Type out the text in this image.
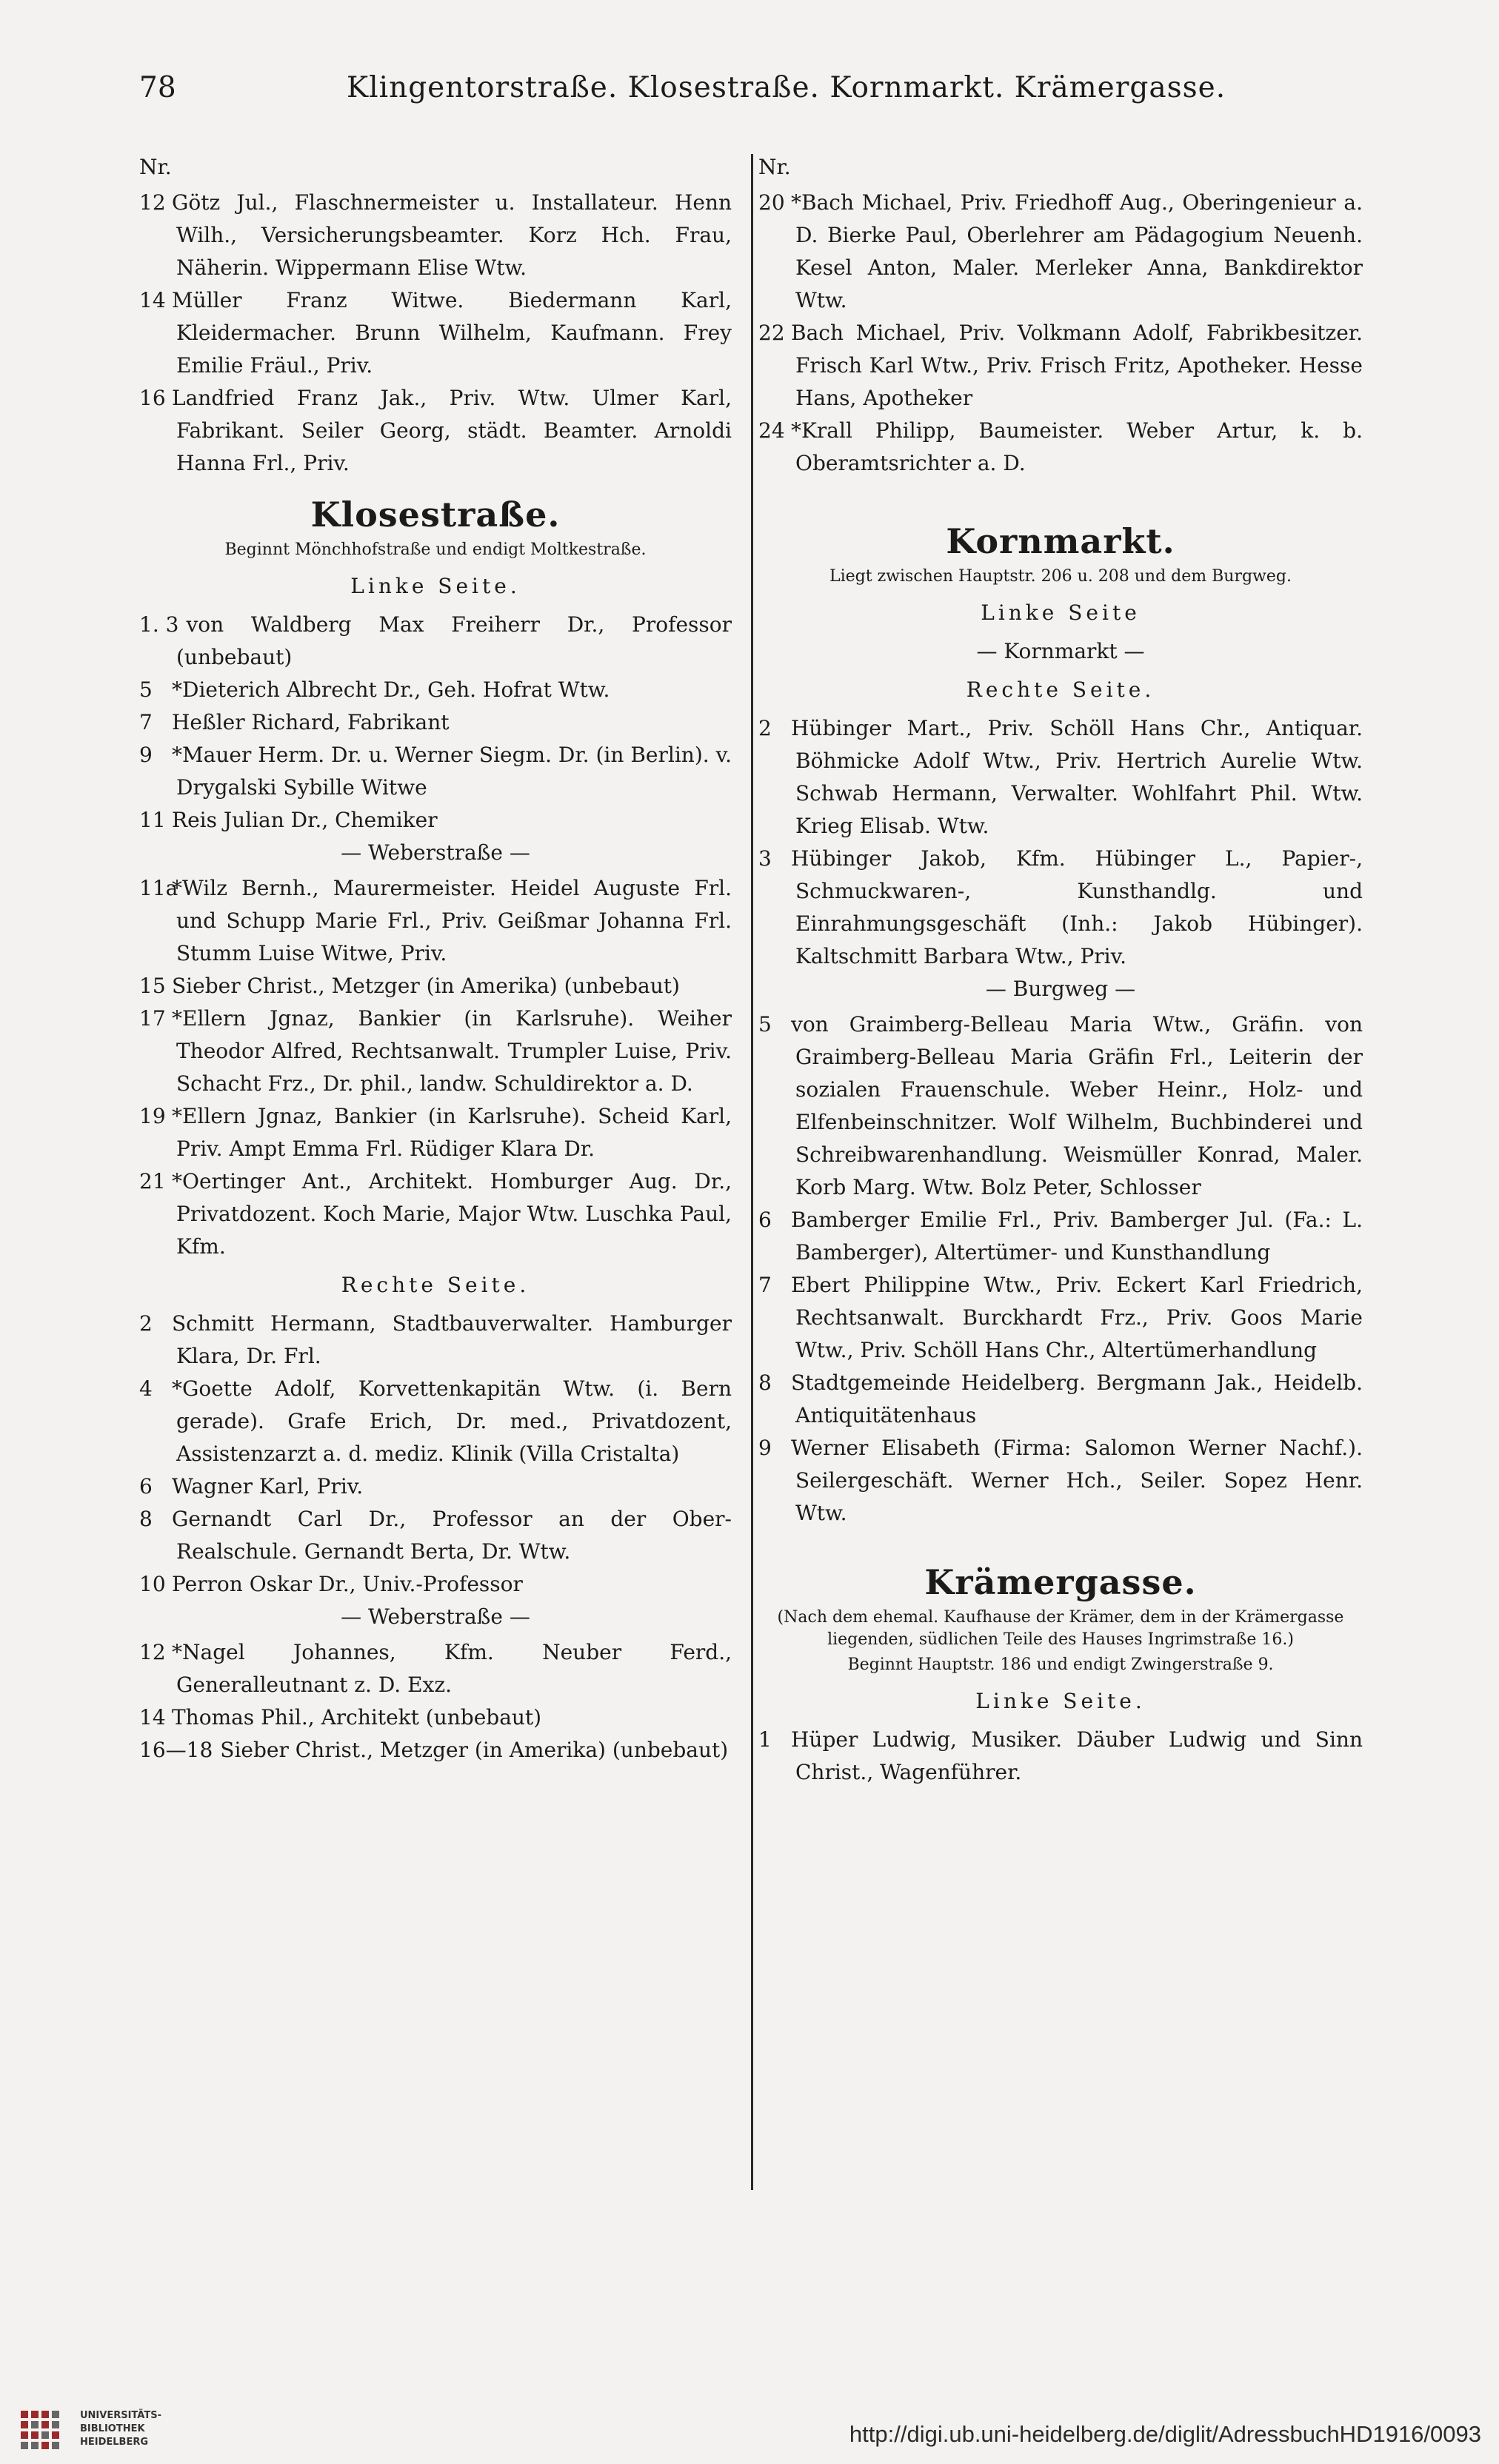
78	Klingentorstraße. Klosestraße. Kornmarkt. Krämergasse.

Nr.

12 Götz Jul., Flaschnermeister u. Installateur. Henn Wilh., Versicherungsbeamter. Korz Hch. Frau, Näherin. Wippermann Elise Wtw.

14 Müller Franz Witwe. Biedermann Karl, Kleidermacher. Brunn Wilhelm, Kaufmann. Frey Emilie Fräul., Priv.

16 Landfried Franz Jak., Priv. Wtw. Ulmer Karl, Fabrikant. Seiler Georg, städt. Beamter. Arnoldi Hanna Frl., Priv.

Klosestraße.
Beginnt Mönchhofstraße und endigt Moltkestraße.
Linke Seite.

1. 3 von Waldberg Max Freiherr Dr., Professor (unbebaut)

5 *Dieterich Albrecht Dr., Geh. Hofrat Wtw.

7 Heßler Richard, Fabrikant

9 *Mauer Herm. Dr. u. Werner Siegm. Dr. (in Berlin). v. Drygalski Sybille Witwe

11 Reis Julian Dr., Chemiker

— Weberstraße —

11a*Wilz Bernh., Maurermeister. Heidel Auguste Frl. und Schupp Marie Frl., Priv. Geißmar Johanna Frl. Stumm Luise Witwe, Priv.

15 Sieber Christ., Metzger (in Amerika) (unbebaut)

17 *Ellern Jgnaz, Bankier (in Karlsruhe). Weiher Theodor Alfred, Rechtsanwalt. Trumpler Luise, Priv. Schacht Frz., Dr. phil., landw. Schuldirektor a. D.

19 *Ellern Jgnaz, Bankier (in Karlsruhe). Scheid Karl, Priv. Ampt Emma Frl. Rüdiger Klara Dr.

21 *Oertinger Ant., Architekt. Homburger Aug. Dr., Privatdozent. Koch Marie, Major Wtw. Luschka Paul, Kfm.

Rechte Seite.

2 Schmitt Hermann, Stadtbauverwalter. Hamburger Klara, Dr. Frl.

4 *Goette Adolf, Korvettenkapitän Wtw. (i. Bern gerade). Grafe Erich, Dr. med., Privatdozent, Assistenzarzt a. d. mediz. Klinik (Villa Cristalta)

6 Wagner Karl, Priv.

8 Gernandt Carl Dr., Professor an der Ober-Realschule. Gernandt Berta, Dr. Wtw.

10 Perron Oskar Dr., Univ.-Professor

— Weberstraße —

12 *Nagel Johannes, Kfm. Neuber Ferd., Generalleutnant z. D. Exz.

14 Thomas Phil., Architekt (unbebaut)

16—18 Sieber Christ., Metzger (in Amerika) (unbebaut)

Nr.

20 *Bach Michael, Priv. Friedhoff Aug., Oberingenieur a. D. Bierke Paul, Oberlehrer am Pädagogium Neuenh. Kesel Anton, Maler. Merleker Anna, Bankdirektor Wtw.

22 Bach Michael, Priv. Volkmann Adolf, Fabrikbesitzer. Frisch Karl Wtw., Priv. Frisch Fritz, Apotheker. Hesse Hans, Apotheker

24 *Krall Philipp, Baumeister. Weber Artur, k. b. Oberamtsrichter a. D.

Kornmarkt.
Liegt zwischen Hauptstr. 206 u. 208 und dem Burgweg.
Linke Seite
— Kornmarkt —
Rechte Seite.

2 Hübinger Mart., Priv. Schöll Hans Chr., Antiquar. Böhmicke Adolf Wtw., Priv. Hertrich Aurelie Wtw. Schwab Hermann, Verwalter. Wohlfahrt Phil. Wtw. Krieg Elisab. Wtw.

3 Hübinger Jakob, Kfm. Hübinger L., Papier-, Schmuckwaren-, Kunsthandlg. und Einrahmungsgeschäft (Inh.: Jakob Hübinger). Kaltschmitt Barbara Wtw., Priv.

— Burgweg —

5 von Graimberg-Belleau Maria Wtw., Gräfin. von Graimberg-Belleau Maria Gräfin Frl., Leiterin der sozialen Frauenschule. Weber Heinr., Holz- und Elfenbeinschnitzer. Wolf Wilhelm, Buchbinderei und Schreibwarenhandlung. Weismüller Konrad, Maler. Korb Marg. Wtw. Bolz Peter, Schlosser

6 Bamberger Emilie Frl., Priv. Bamberger Jul. (Fa.: L. Bamberger), Altertümer- und Kunsthandlung

7 Ebert Philippine Wtw., Priv. Eckert Karl Friedrich, Rechtsanwalt. Burckhardt Frz., Priv. Goos Marie Wtw., Priv. Schöll Hans Chr., Altertümerhandlung

8 Stadtgemeinde Heidelberg. Bergmann Jak., Heidelb. Antiquitätenhaus

9 Werner Elisabeth (Firma: Salomon Werner Nachf.). Seilergeschäft. Werner Hch., Seiler. Sopez Henr. Wtw.

Krämergasse.
(Nach dem ehemal. Kaufhause der Krämer, dem in der Krämergasse liegenden, südlichen Teile des Hauses Ingrimstraße 16.)
Beginnt Hauptstr. 186 und endigt Zwingerstraße 9.
Linke Seite.

1 Hüper Ludwig, Musiker. Däuber Ludwig und Sinn Christ., Wagenführer.

UNIVERSITÄTS-
BIBLIOTHEK
HEIDELBERG	http://digi.ub.uni-heidelberg.de/diglit/AdressbuchHD1916/0093
